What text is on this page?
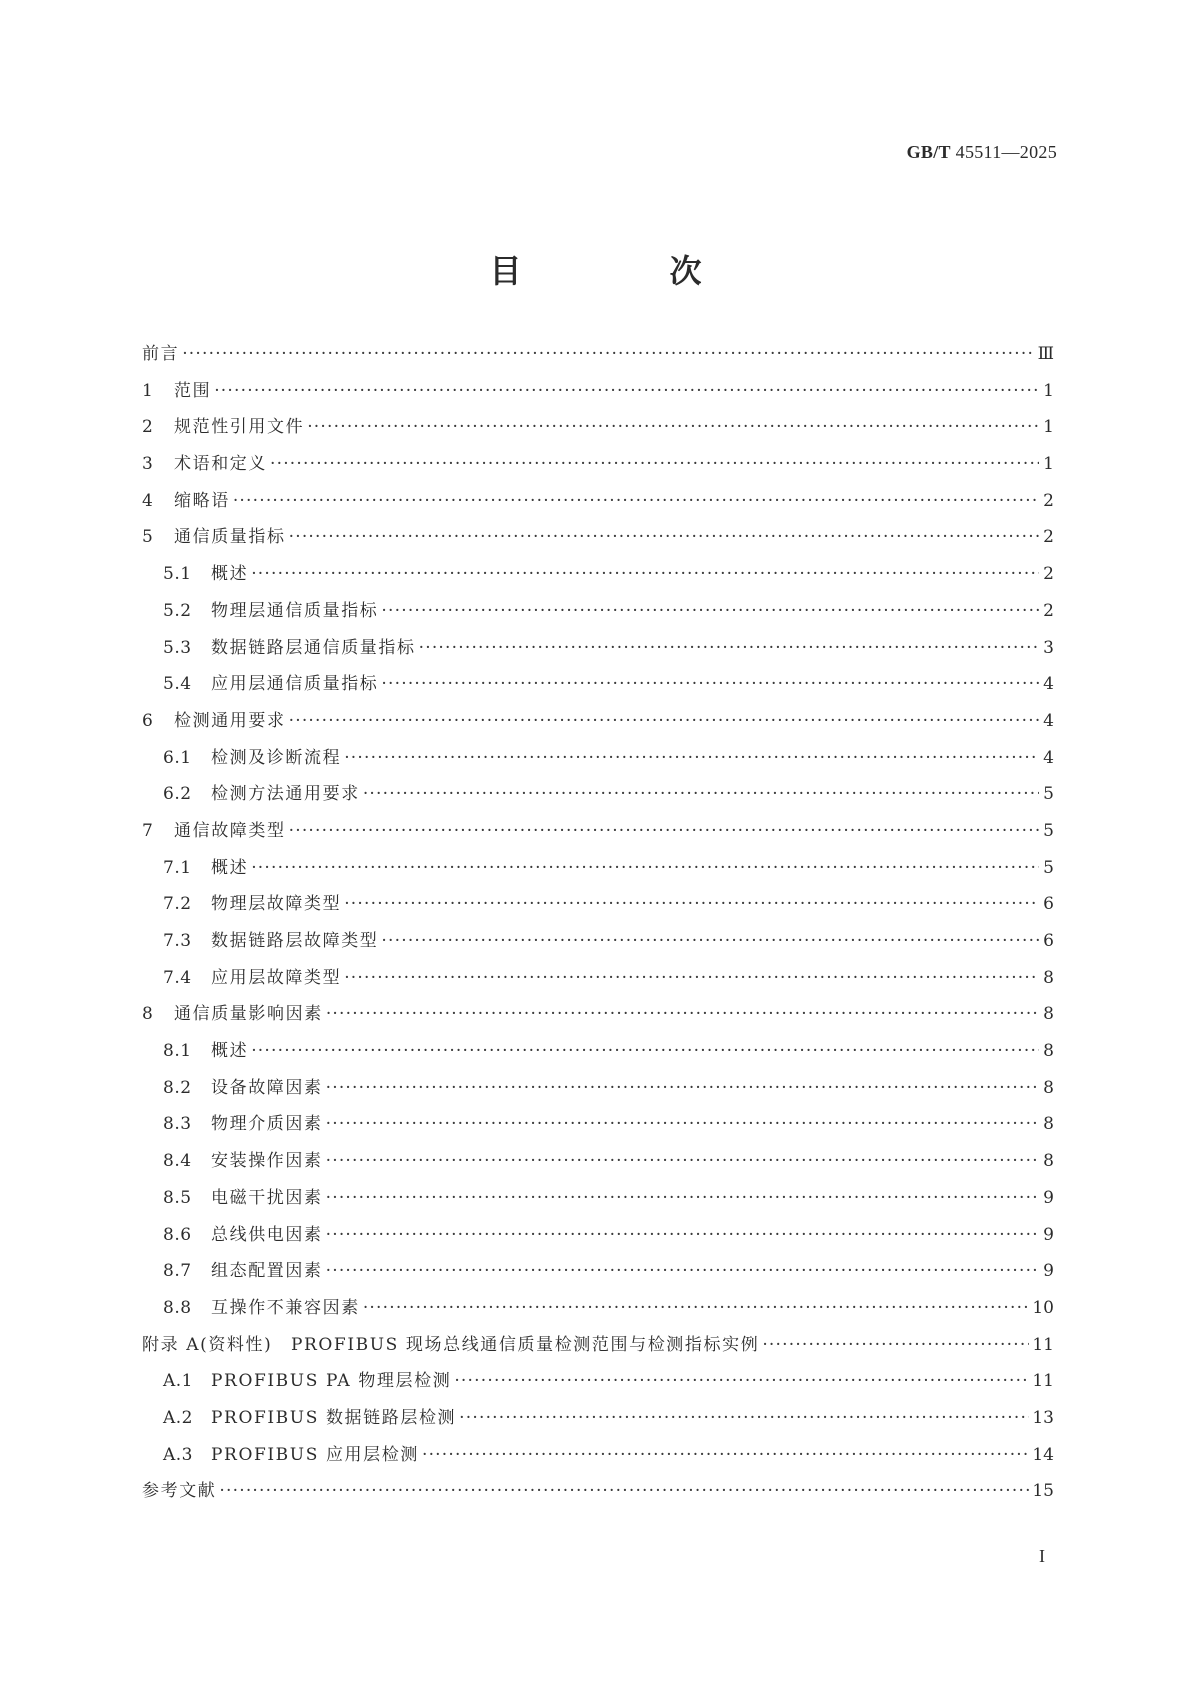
GB/T 45511—2025
目　次
前言 ·····	Ⅲ
1	范围 ·····	1
2	规范性引用文件 ·····	1
3	术语和定义 ·····	1
4	缩略语 ·····	2
5	通信质量指标 ·····	2
5.1	概述 ·····	2
5.2	物理层通信质量指标 ·····	2
5.3	数据链路层通信质量指标 ·····	3
5.4	应用层通信质量指标 ·····	4
6	检测通用要求 ·····	4
6.1	检测及诊断流程 ·····	4
6.2	检测方法通用要求 ·····	5
7	通信故障类型 ·····	5
7.1	概述 ·····	5
7.2	物理层故障类型 ·····	6
7.3	数据链路层故障类型 ·····	6
7.4	应用层故障类型 ·····	8
8	通信质量影响因素 ·····	8
8.1	概述 ·····	8
8.2	设备故障因素 ·····	8
8.3	物理介质因素 ·····	8
8.4	安装操作因素 ·····	8
8.5	电磁干扰因素 ·····	9
8.6	总线供电因素 ·····	9
8.7	组态配置因素 ·····	9
8.8	互操作不兼容因素 ·····	10
附录 A(资料性)　PROFIBUS 现场总线通信质量检测范围与检测指标实例 ·····	11
A.1	PROFIBUS PA 物理层检测 ·····	11
A.2	PROFIBUS 数据链路层检测 ·····	13
A.3	PROFIBUS 应用层检测 ·····	14
参考文献 ·····	15
I
